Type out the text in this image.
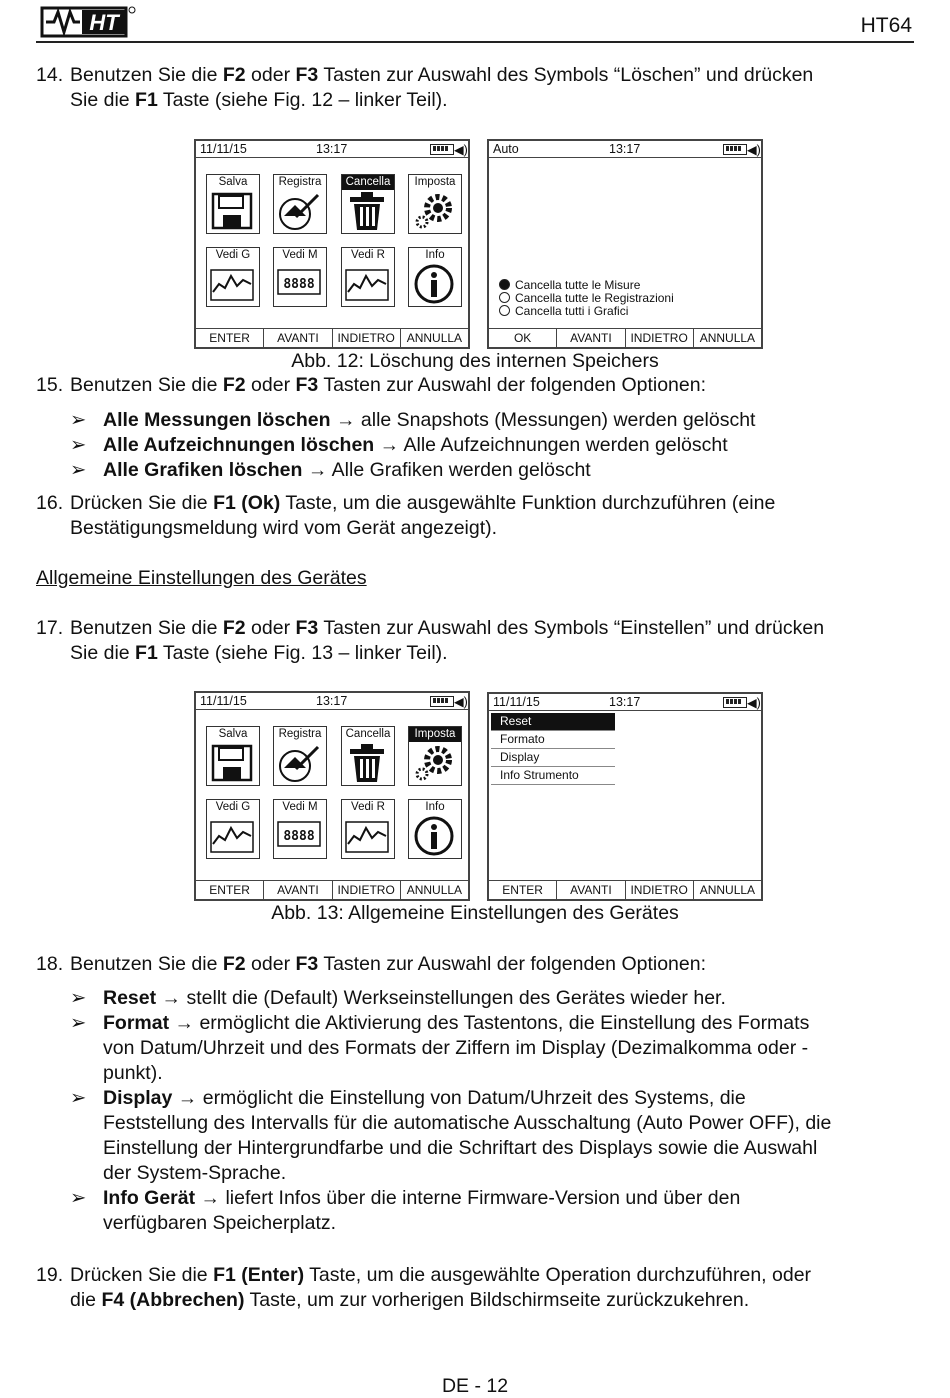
HT	HT64
14. Benutzen Sie die F2 oder F3 Tasten zur Auswahl des Symbols “Löschen” und drücken
Sie die F1 Taste (siehe Fig. 12 – linker Teil).
11/11/15	13:17	◀)
ENTER	AVANTI	INDIETRO ANNULLA
Salva	Registra	Cancella	Imposta
Vedi G	Vedi M
8888
Vedi R	Info
Auto	13:17	◀)
Cancella tutte le Misure
Cancella tutte le Registrazioni
Cancella tutti i Grafici
OK	AVANTI	INDIETRO ANNULLA
Abb. 12: Löschung des internen Speichers
15. Benutzen Sie die F2 oder F3 Tasten zur Auswahl der folgenden Optionen:
➢ Alle Messungen löschen → alle Snapshots (Messungen) werden gelöscht
➢ Alle Aufzeichnungen löschen → Alle Aufzeichnungen werden gelöscht
➢ Alle Grafiken löschen → Alle Grafiken werden gelöscht
16. Drücken Sie die F1 (Ok) Taste, um die ausgewählte Funktion durchzuführen (eine
Bestätigungsmeldung wird vom Gerät angezeigt).
Allgemeine Einstellungen des Gerätes
17. Benutzen Sie die F2 oder F3 Tasten zur Auswahl des Symbols “Einstellen” und drücken
Sie die F1 Taste (siehe Fig. 13 – linker Teil).
11/11/15	13:17	◀)
ENTER	AVANTI	INDIETRO ANNULLA
Salva	Registra	Cancella	Imposta
Vedi G	Vedi M
8888
Vedi R	Info
11/11/15	13:17	◀)
Reset
Formato
Display
Info Strumento
ENTER	AVANTI	INDIETRO ANNULLA
Abb. 13: Allgemeine Einstellungen des Gerätes
18. Benutzen Sie die F2 oder F3 Tasten zur Auswahl der folgenden Optionen:
➢ Reset → stellt die (Default) Werkseinstellungen des Gerätes wieder her.
➢ Format → ermöglicht die Aktivierung des Tastentons, die Einstellung des Formats
von Datum/Uhrzeit und des Formats der Ziffern im Display (Dezimalkomma oder -
punkt).
➢ Display → ermöglicht die Einstellung von Datum/Uhrzeit des Systems, die
Feststellung des Intervalls für die automatische Ausschaltung (Auto Power OFF), die
Einstellung der Hintergrundfarbe und die Schriftart des Displays sowie die Auswahl
der System-Sprache.
➢ Info Gerät → liefert Infos über die interne Firmware-Version und über den
verfügbaren Speicherplatz.
19. Drücken Sie die F1 (Enter) Taste, um die ausgewählte Operation durchzuführen, oder
die F4 (Abbrechen) Taste, um zur vorherigen Bildschirmseite zurückzukehren.
DE - 12
